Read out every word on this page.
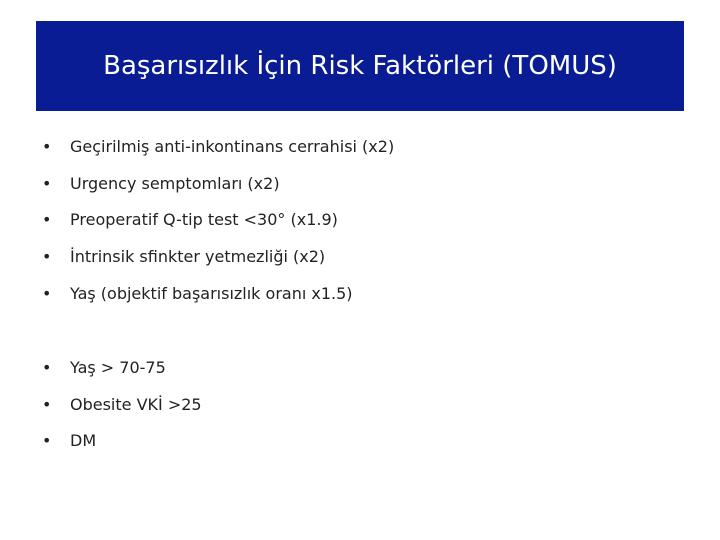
Başarısızlık İçin Risk Faktörleri (TOMUS)
•	Geçirilmiş anti-inkontinans cerrahisi (x2)
•	Urgency semptomları (x2)
•	Preoperatif Q-tip test <30° (x1.9)
•	İntrinsik sfinkter yetmezliği (x2)
•	Yaş (objektif başarısızlık oranı x1.5)
•	Yaş > 70-75
•	Obesite VKİ >25
•	DM
